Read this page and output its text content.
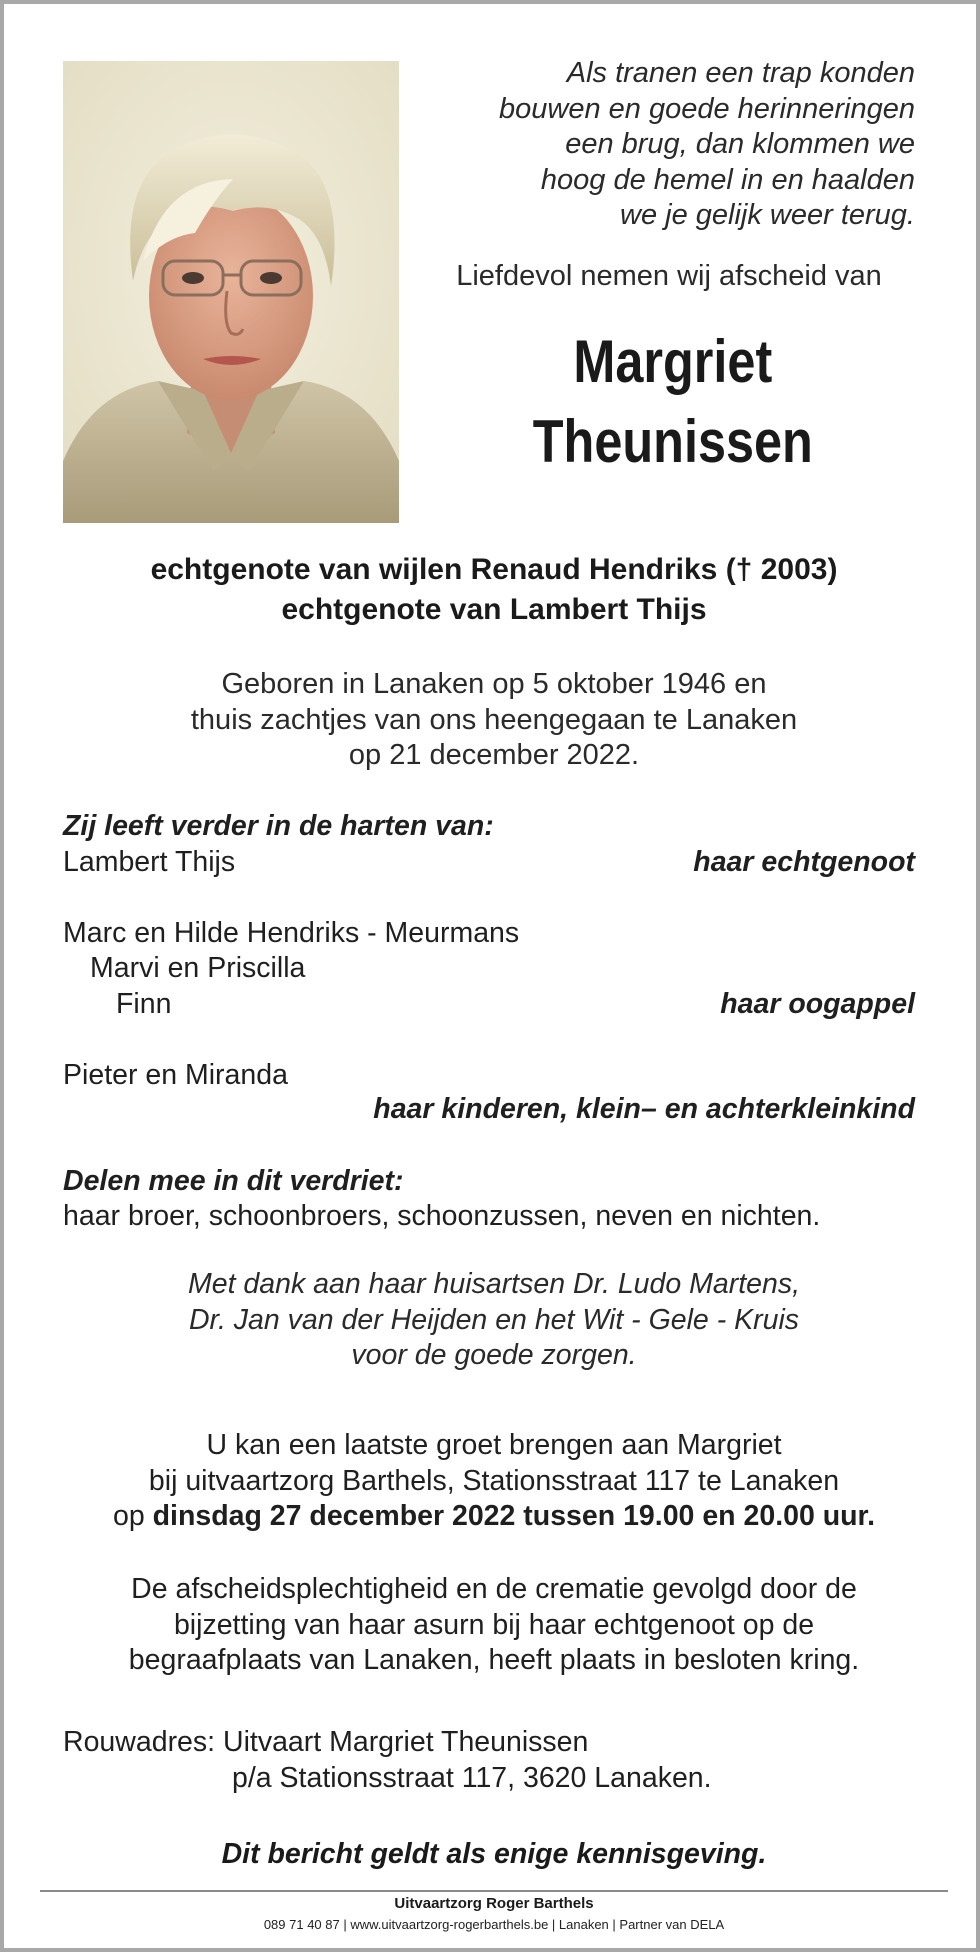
Als tranen een trap konden
bouwen en goede herinneringen
een brug, dan klommen we
hoog de hemel in en haalden
we je gelijk weer terug.
Liefdevol nemen wij afscheid van
Margriet
Theunissen
echtgenote van wijlen Renaud Hendriks († 2003)
echtgenote van Lambert Thijs
Geboren in Lanaken op 5 oktober 1946 en
thuis zachtjes van ons heengegaan te Lanaken
op 21 december 2022.
Zij leeft verder in de harten van:
Lambert Thijs	haar echtgenoot
Marc en Hilde Hendriks - Meurmans
Marvi en Priscilla
Finn	haar oogappel
Pieter en Miranda
haar kinderen, klein– en achterkleinkind
Delen mee in dit verdriet:
haar broer, schoonbroers, schoonzussen, neven en nichten.
Met dank aan haar huisartsen Dr. Ludo Martens,
Dr. Jan van der Heijden en het Wit - Gele - Kruis
voor de goede zorgen.
U kan een laatste groet brengen aan Margriet
bij uitvaartzorg Barthels, Stationsstraat 117 te Lanaken
op dinsdag 27 december 2022 tussen 19.00 en 20.00 uur.
De afscheidsplechtigheid en de crematie gevolgd door de
bijzetting van haar asurn bij haar echtgenoot op de
begraafplaats van Lanaken, heeft plaats in besloten kring.
Rouwadres: Uitvaart Margriet Theunissen
p/a Stationsstraat 117, 3620 Lanaken.
Dit bericht geldt als enige kennisgeving.
Uitvaartzorg Roger Barthels
089 71 40 87 | www.uitvaartzorg-rogerbarthels.be | Lanaken | Partner van DELA
